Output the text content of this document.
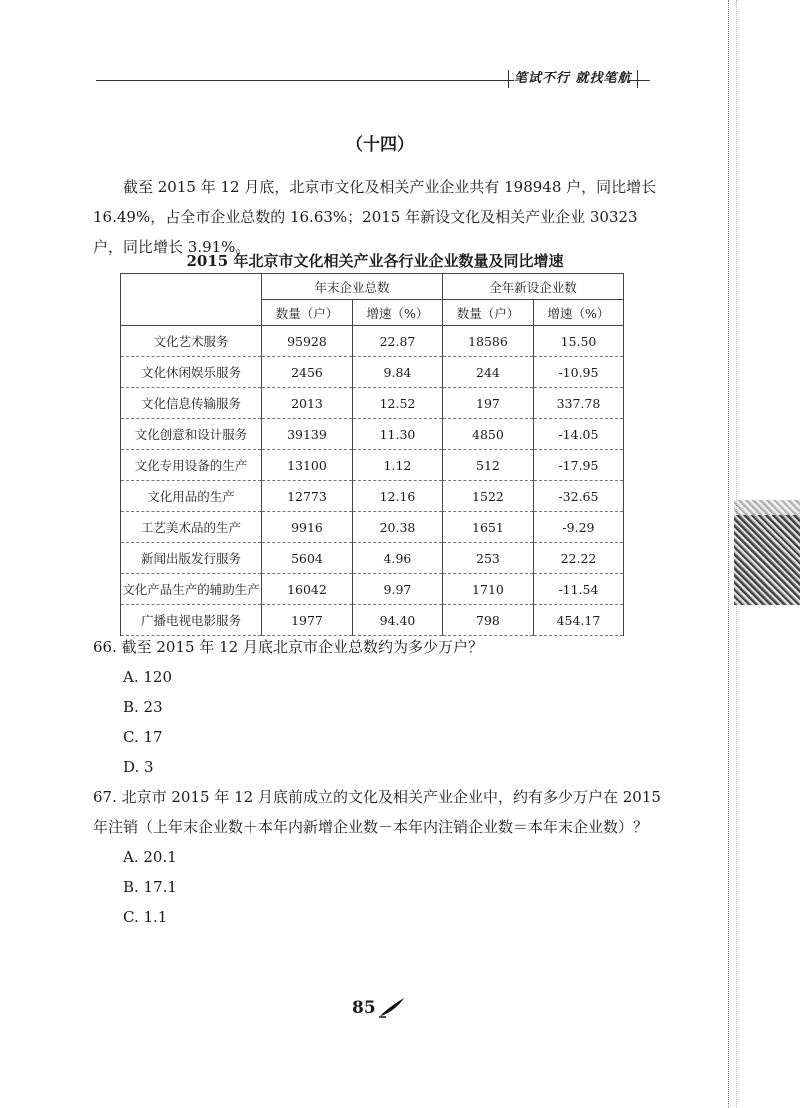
笔试不行 就找笔航
（十四）

截至 2015 年 12 月底，北京市文化及相关产业企业共有 198948 户，同比增长 16.49%，占全市企业总数的 16.63%；2015 年新设文化及相关产业企业 30323 户，同比增长 3.91%。

2015 年北京市文化相关产业各行业企业数量及同比增速
	年末企业总数		全年新设企业数	
	数量（户）	增速（%）	数量（户）	增速（%）
文化艺术服务	95928	22.87	18586	15.50
文化休闲娱乐服务	2456	9.84	244	-10.95
文化信息传输服务	2013	12.52	197	337.78
文化创意和设计服务	39139	11.30	4850	-14.05
文化专用设备的生产	13100	1.12	512	-17.95
文化用品的生产	12773	12.16	1522	-32.65
工艺美术品的生产	9916	20.38	1651	-9.29
新闻出版发行服务	5604	4.96	253	22.22
文化产品生产的辅助生产	16042	9.97	1710	-11.54
广播电视电影服务	1977	94.40	798	454.17

66. 截至 2015 年 12 月底北京市企业总数约为多少万户？

A. 120

B. 23

C. 17

D. 3

67. 北京市 2015 年 12 月底前成立的文化及相关产业企业中，约有多少万户在 2015 年注销（上年末企业数＋本年内新增企业数－本年内注销企业数＝本年末企业数）？

A. 20.1

B. 17.1

C. 1.1

85
